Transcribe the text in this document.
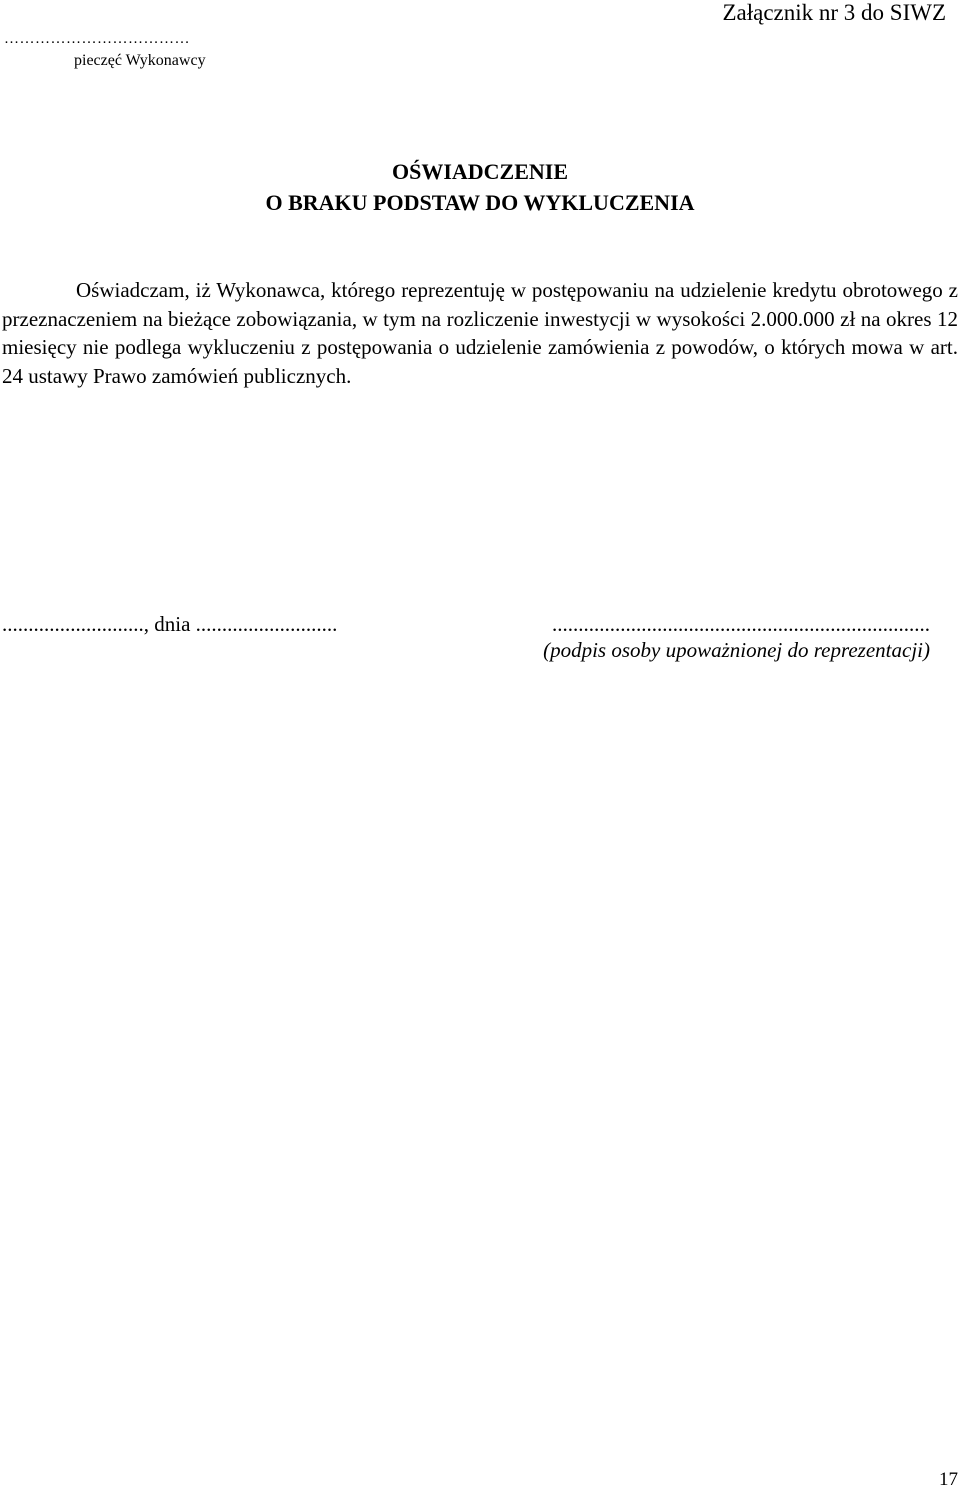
Załącznik nr 3 do SIWZ
………………………………
pieczęć Wykonawcy
OŚWIADCZENIE
O BRAKU PODSTAW DO WYKLUCZENIA

Oświadczam, iż Wykonawca, którego reprezentuję w postępowaniu na udzielenie kredytu obrotowego z przeznaczeniem na bieżące zobowiązania, w tym na rozliczenie inwestycji w wysokości 2.000.000 zł na okres 12 miesięcy nie podlega wykluczeniu z postępowania o udzielenie zamówienia z powodów, o których mowa w art. 24 ustawy Prawo zamówień publicznych.

..........................., dnia ...........................	........................................................................
(podpis osoby upoważnionej do reprezentacji)
17
